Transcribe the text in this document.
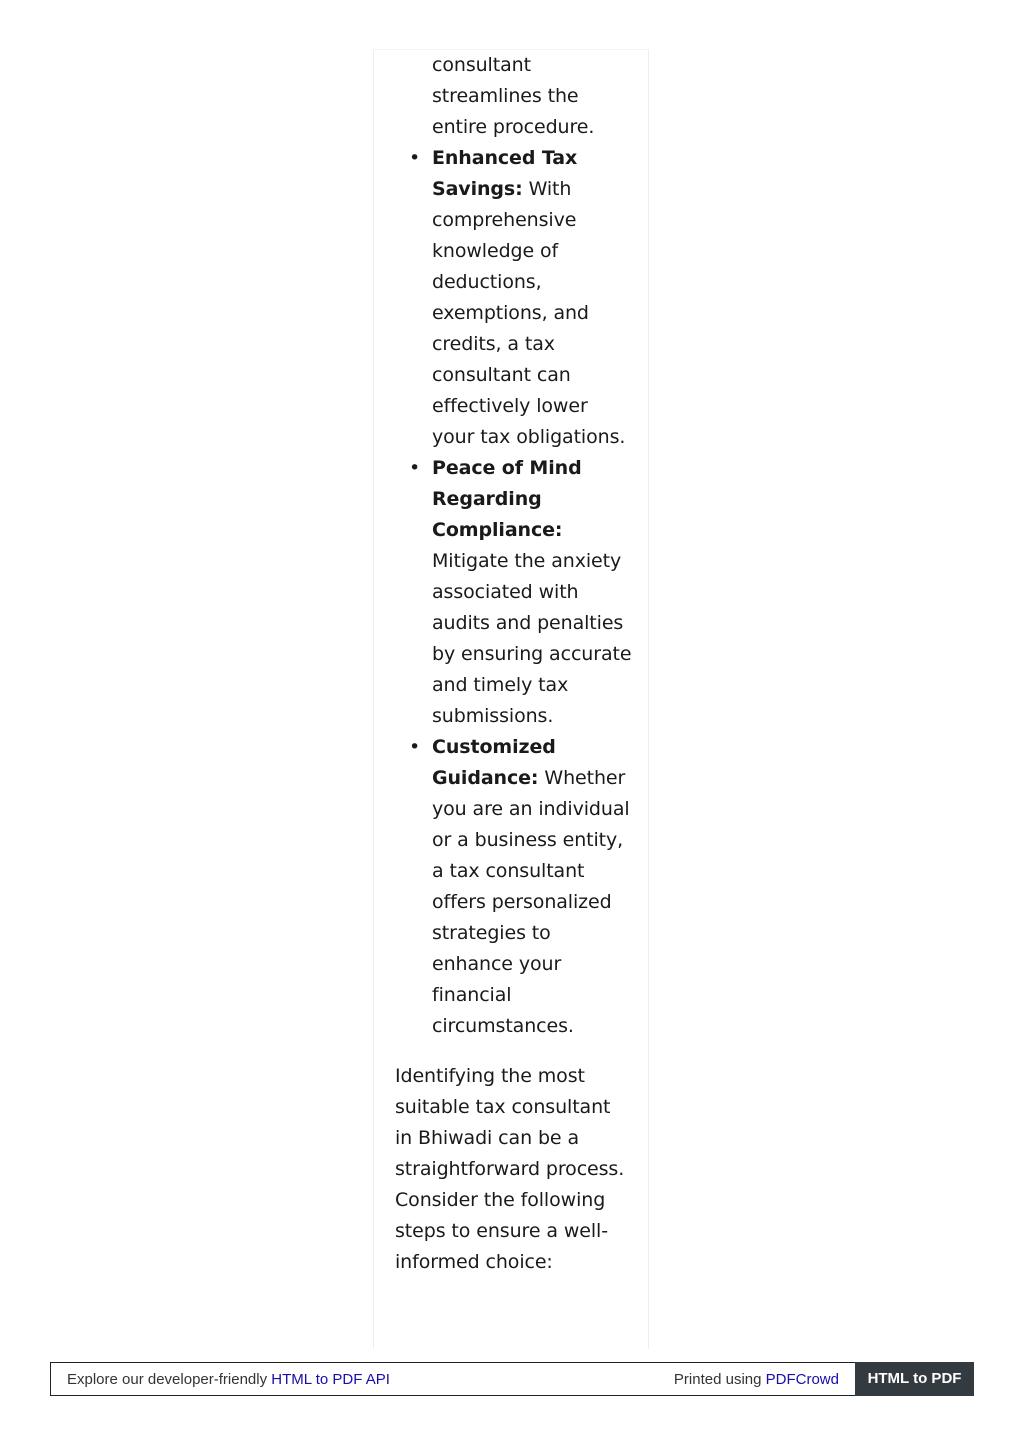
consultant streamlines the entire procedure.
• Enhanced Tax Savings: With comprehensive knowledge of deductions, exemptions, and credits, a tax consultant can effectively lower your tax obligations.
• Peace of Mind Regarding Compliance: Mitigate the anxiety associated with audits and penalties by ensuring accurate and timely tax submissions.
• Customized Guidance: Whether you are an individual or a business entity, a tax consultant offers personalized strategies to enhance your financial circumstances.

Identifying the most suitable tax consultant in Bhiwadi can be a straightforward process. Consider the following steps to ensure a well-informed choice:

Explore our developer-friendly HTML to PDF API	Printed using PDFCrowd	HTML to PDF
